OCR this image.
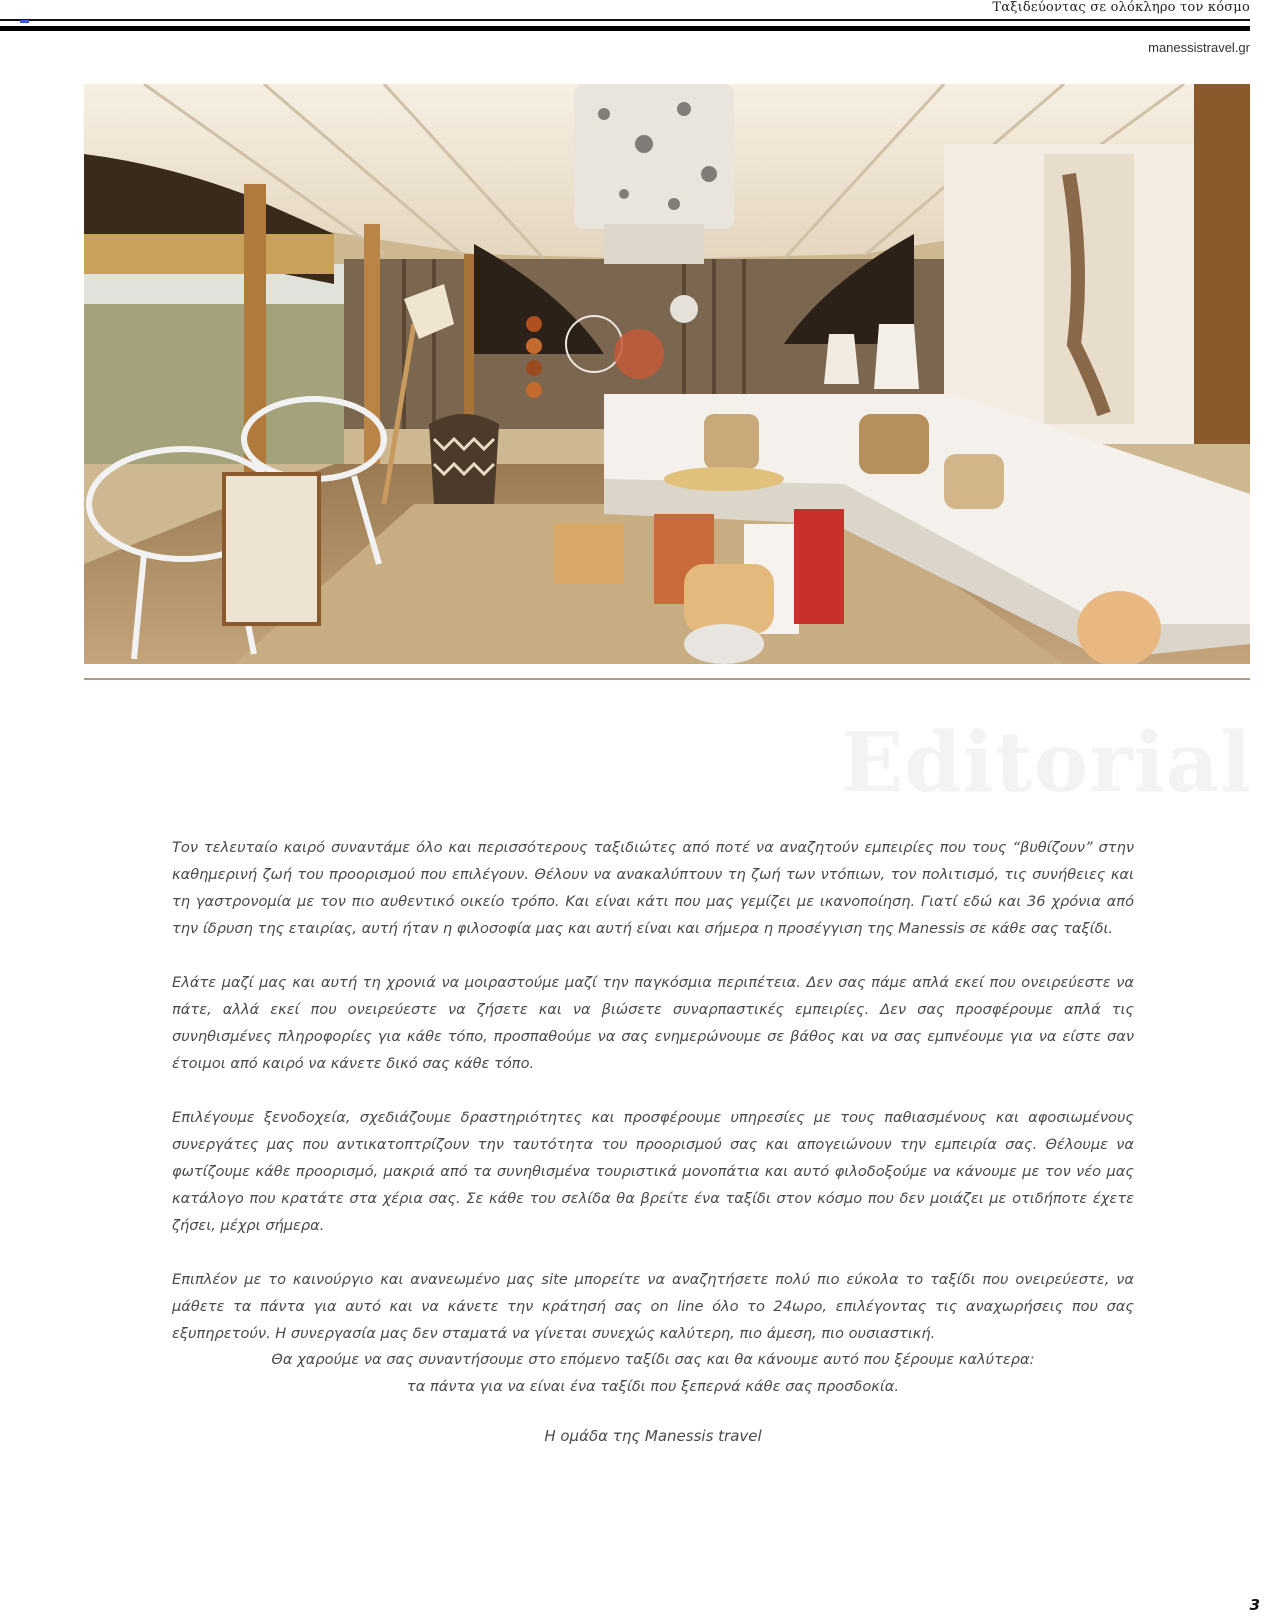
Ταξιδεύοντας σε ολόκληρο τον κόσμο
manessistravel.gr
Editorial

Τον τελευταίο καιρό συναντάμε όλο και περισσότερους ταξιδιώτες από ποτέ να αναζητούν εμπειρίες που τους “βυθίζουν” στην καθημερινή ζωή του προορισμού που επιλέγουν. Θέλουν να ανακαλύπτουν τη ζωή των ντόπιων, τον πολιτισμό, τις συνήθειες και τη γαστρονομία με τον πιο αυθεντικό οικείο τρόπο. Και είναι κάτι που μας γεμίζει με ικανοποίηση. Γιατί εδώ και 36 χρόνια από την ίδρυση της εταιρίας, αυτή ήταν η φιλοσοφία μας και αυτή είναι και σήμερα η προσέγγιση της Manessis σε κάθε σας ταξίδι.

Ελάτε μαζί μας και αυτή τη χρονιά να μοιραστούμε μαζί την παγκόσμια περιπέτεια. Δεν σας πάμε απλά εκεί που ονειρεύεστε να πάτε, αλλά εκεί που ονειρεύεστε να ζήσετε και να βιώσετε συναρπαστικές εμπειρίες. Δεν σας προσφέρουμε απλά τις συνηθισμένες πληροφορίες για κάθε τόπο, προσπαθούμε να σας ενημερώνουμε σε βάθος και να σας εμπνέουμε για να είστε σαν έτοιμοι από καιρό να κάνετε δικό σας κάθε τόπο.

Επιλέγουμε ξενοδοχεία, σχεδιάζουμε δραστηριότητες και προσφέρουμε υπηρεσίες με τους παθιασμένους και αφοσιωμένους συνεργάτες μας που αντικατοπτρίζουν την ταυτότητα του προορισμού σας και απογειώνουν την εμπειρία σας. Θέλουμε να φωτίζουμε κάθε προορισμό, μακριά από τα συνηθισμένα τουριστικά μονοπάτια και αυτό φιλοδοξούμε να κάνουμε με τον νέο μας κατάλογο που κρατάτε στα χέρια σας. Σε κάθε του σελίδα θα βρείτε ένα ταξίδι στον κόσμο που δεν μοιάζει με οτιδήποτε έχετε ζήσει, μέχρι σήμερα.

Επιπλέον με το καινούργιο και ανανεωμένο μας site μπορείτε να αναζητήσετε πολύ πιο εύκολα το ταξίδι που ονειρεύεστε, να μάθετε τα πάντα για αυτό και να κάνετε την κράτησή σας on line όλο το 24ωρο, επιλέγοντας τις αναχωρήσεις που σας εξυπηρετούν. Η συνεργασία μας δεν σταματά να γίνεται συνεχώς καλύτερη, πιο άμεση, πιο ουσιαστική.

Θα χαρούμε να σας συναντήσουμε στο επόμενο ταξίδι σας και θα κάνουμε αυτό που ξέρουμε καλύτερα:
τα πάντα για να είναι ένα ταξίδι που ξεπερνά κάθε σας προσδοκία.
Η ομάδα της Manessis travel
3
